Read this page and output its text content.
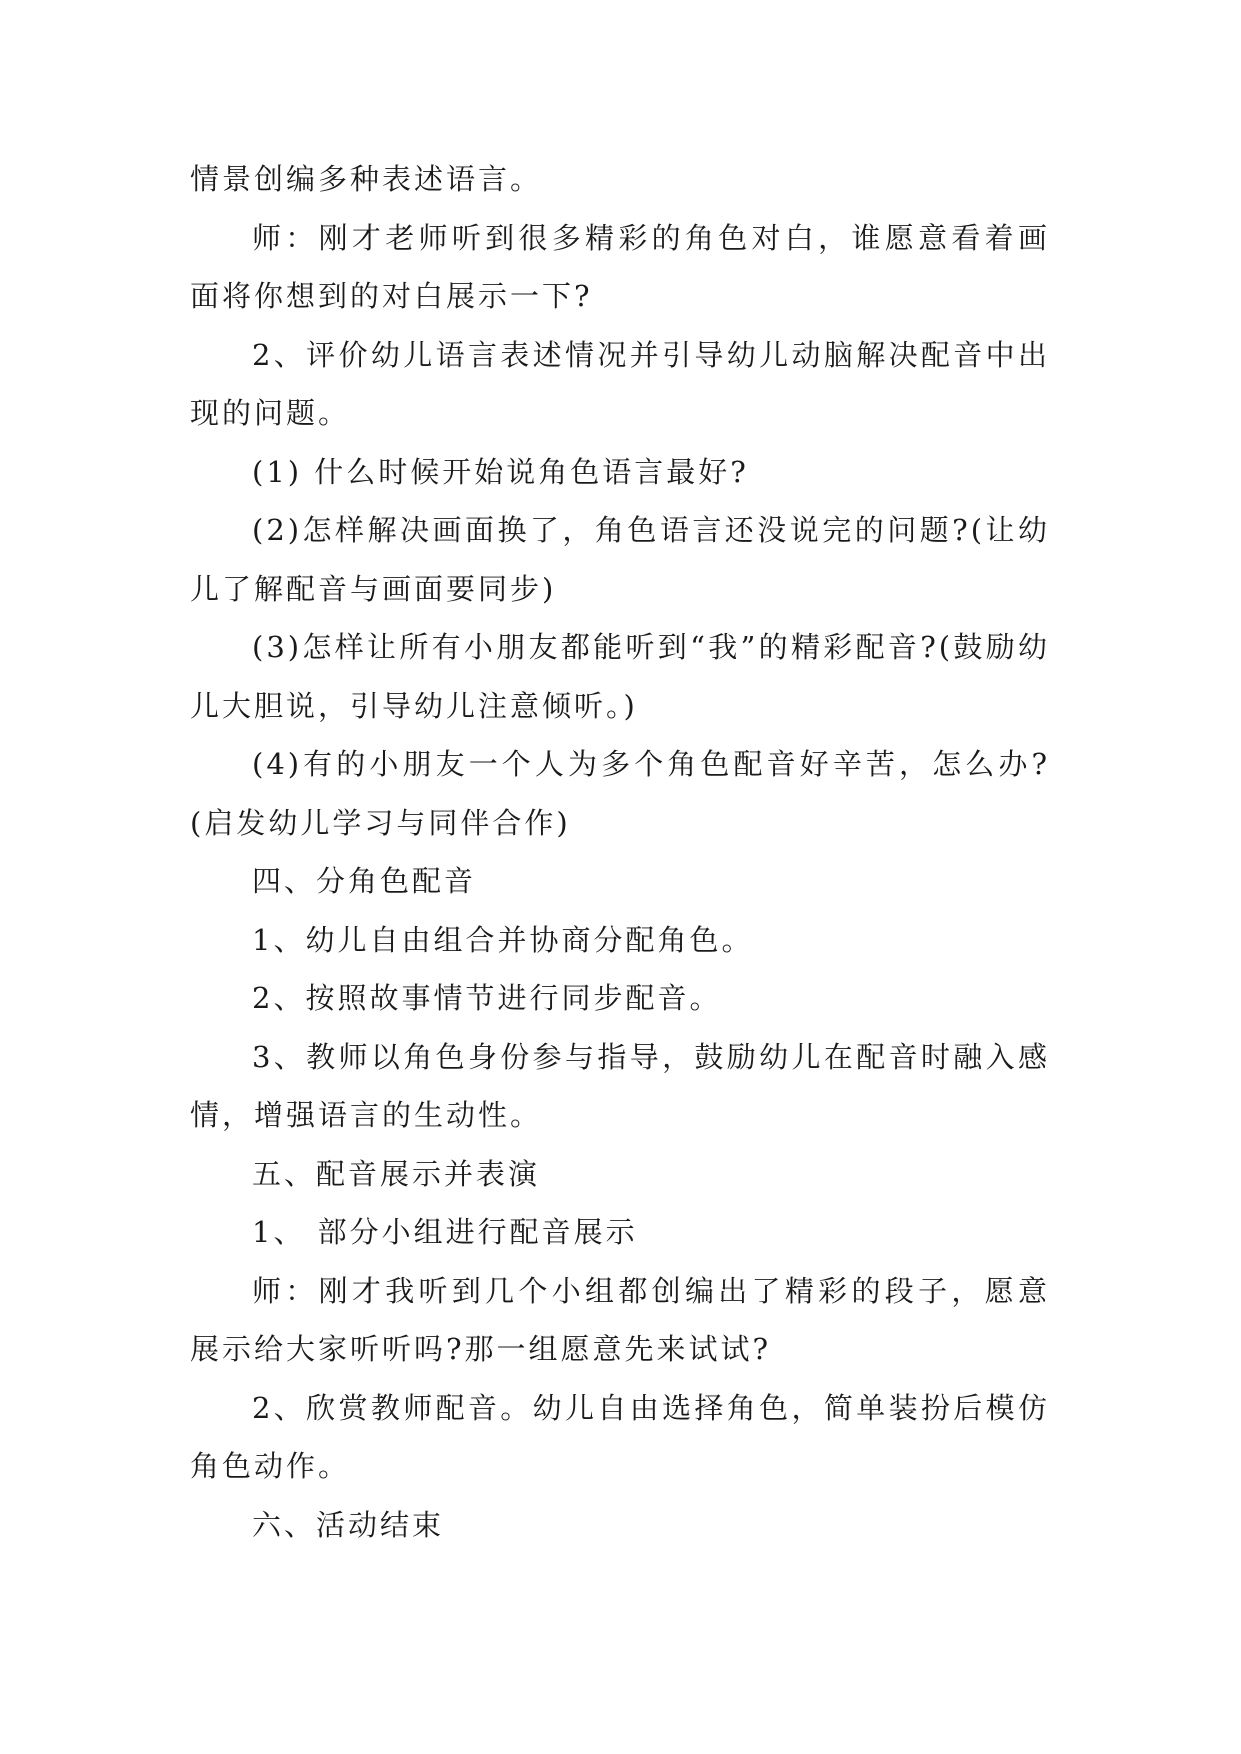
情景创编多种表述语言。

师：刚才老师听到很多精彩的角色对白，谁愿意看着画面将你想到的对白展示一下?

2、评价幼儿语言表述情况并引导幼儿动脑解决配音中出现的问题。

(1) 什么时候开始说角色语言最好?

(2)怎样解决画面换了，角色语言还没说完的问题?(让幼儿了解配音与画面要同步)

(3)怎样让所有小朋友都能听到“我”的精彩配音?(鼓励幼儿大胆说，引导幼儿注意倾听。)

(4)有的小朋友一个人为多个角色配音好辛苦，怎么办?(启发幼儿学习与同伴合作)

四、分角色配音

1、幼儿自由组合并协商分配角色。

2、按照故事情节进行同步配音。

3、教师以角色身份参与指导，鼓励幼儿在配音时融入感情，增强语言的生动性。

五、配音展示并表演

1、 部分小组进行配音展示

师：刚才我听到几个小组都创编出了精彩的段子，愿意展示给大家听听吗?那一组愿意先来试试?

2、欣赏教师配音。幼儿自由选择角色，简单装扮后模仿角色动作。

六、活动结束
